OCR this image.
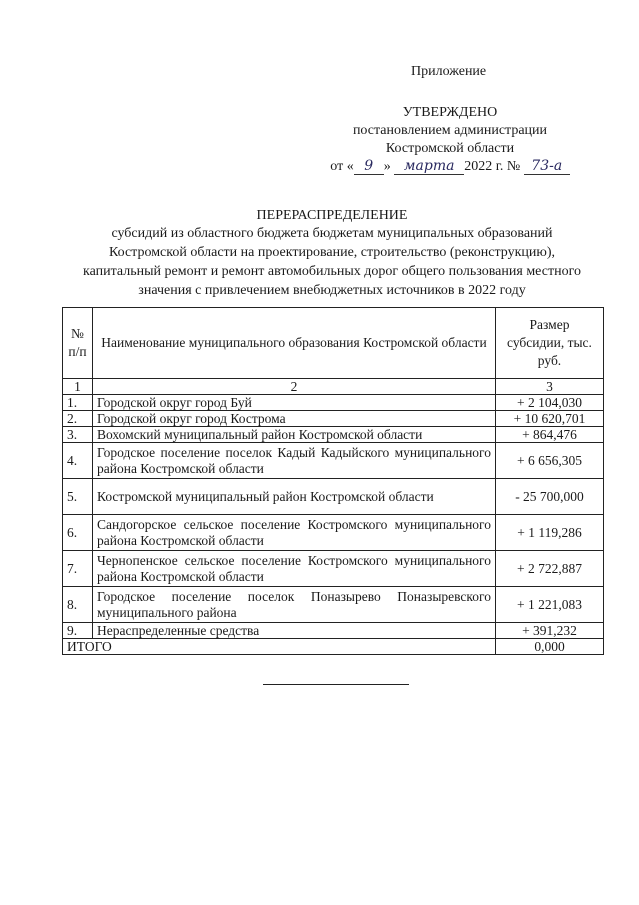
Приложение
УТВЕРЖДЕНО
постановлением администрации
Костромской области
от « 9 » марта 2022 г. № 73-а
ПЕРЕРАСПРЕДЕЛЕНИЕ
субсидий из областного бюджета бюджетам муниципальных образований Костромской области на проектирование, строительство (реконструкцию), капитальный ремонт и ремонт автомобильных дорог общего пользования местного значения с привлечением внебюджетных источников в 2022 году
№ п/п	Наименование муниципального образования Костромской области	Размер субсидии, тыс. руб.
1	2	3
1.	Городской округ город Буй	+ 2 104,030
2.	Городской округ город Кострома	+ 10 620,701
3.	Вохомский муниципальный район Костромской области	+ 864,476
4.	Городское поселение поселок Кадый Кадыйского муниципального района Костромской области	+ 6 656,305
5.	Костромской муниципальный район Костромской области	- 25 700,000
6.	Сандогорское сельское поселение Костромского муниципального района Костромской области	+ 1 119,286
7.	Чернопенское сельское поселение Костромского муниципального района Костромской области	+ 2 722,887
8.	Городское поселение поселок Поназырево Поназыревского муниципального района	+ 1 221,083
9.	Нераспределенные средства	+ 391,232
ИТОГО		0,000
